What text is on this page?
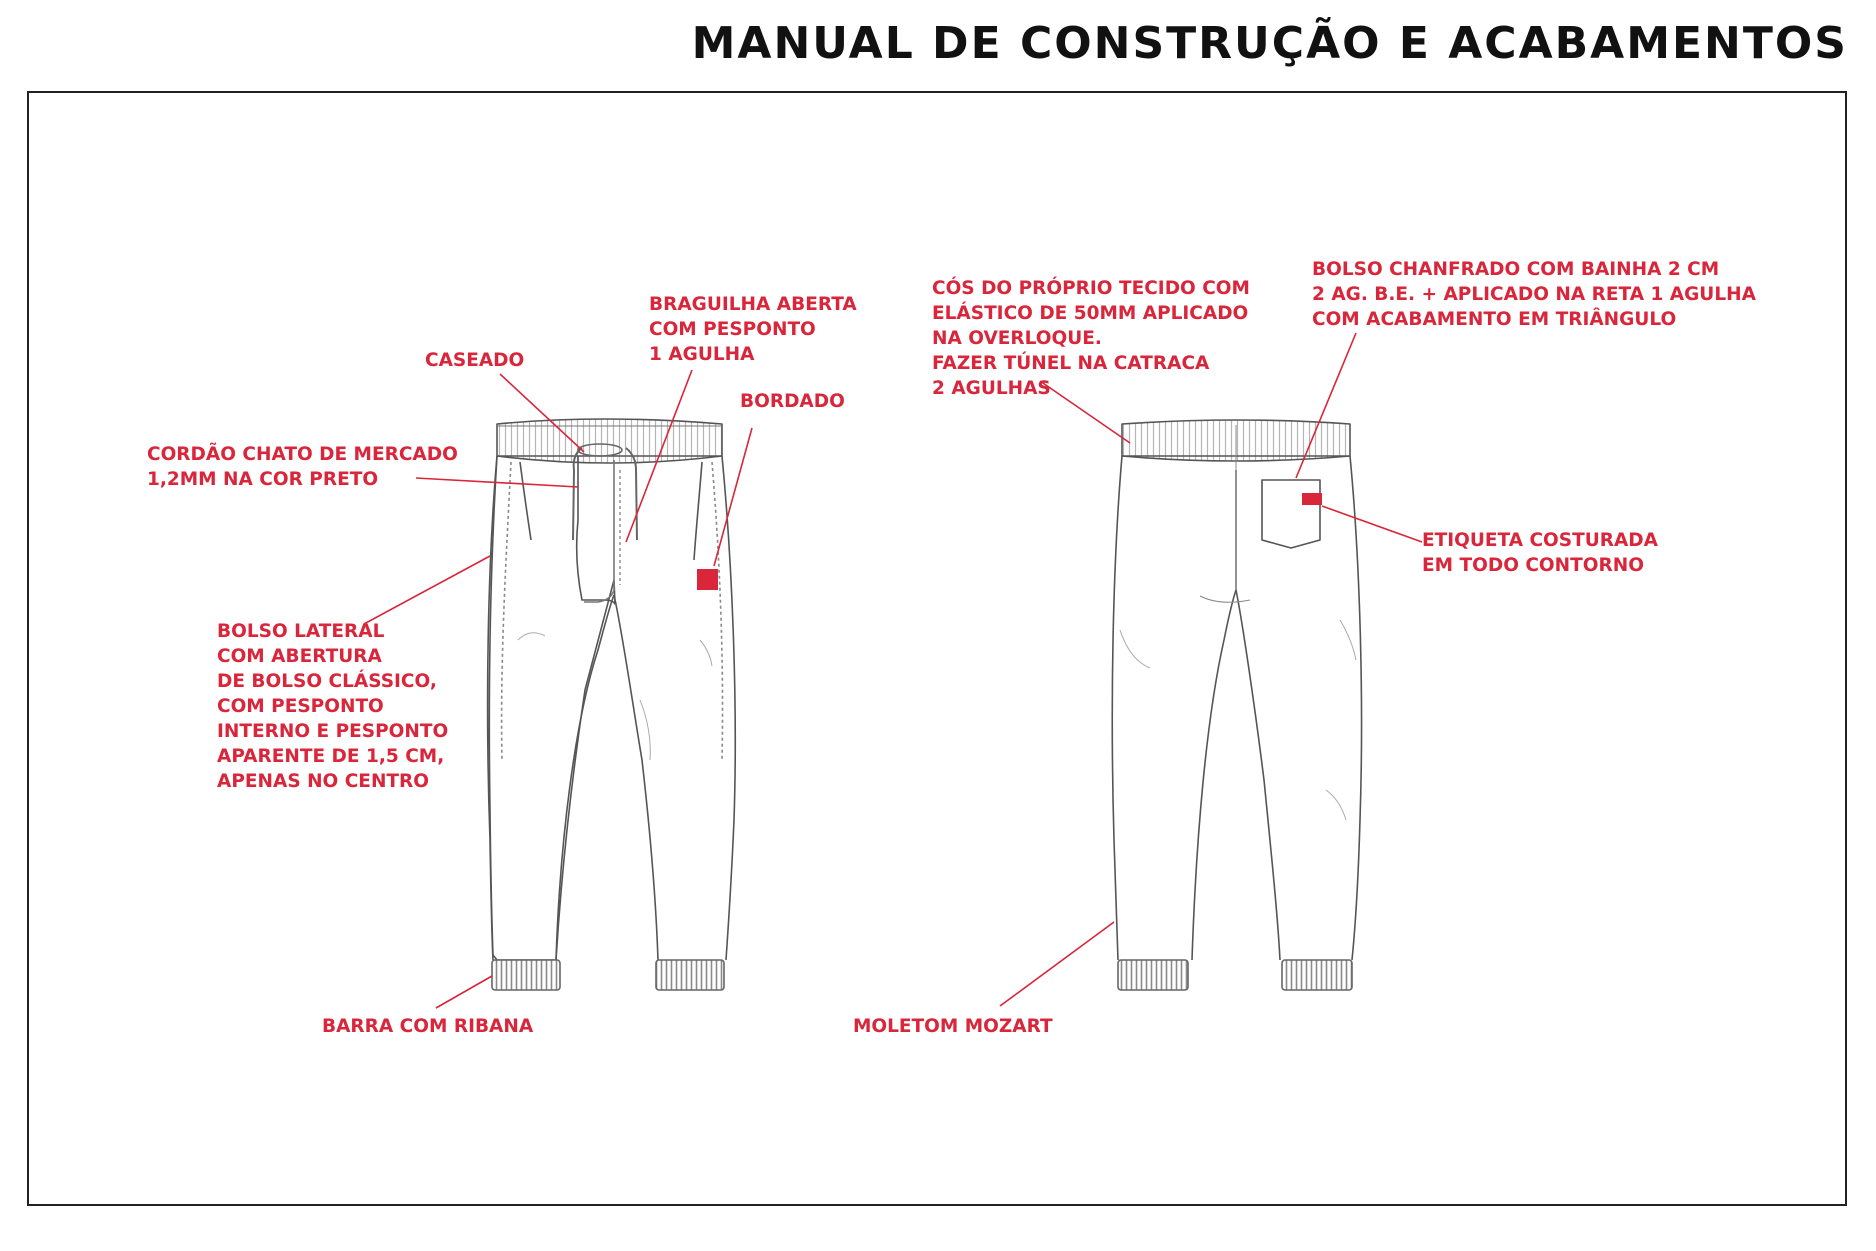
MANUAL DE CONSTRUÇÃO E ACABAMENTOS
BRAGUILHA ABERTA
COM PESPONTO
1 AGULHA
CASEADO
BORDADO
CORDÃO CHATO DE MERCADO
1,2MM NA COR PRETO
BOLSO LATERAL
COM ABERTURA
DE BOLSO CLÁSSICO,
COM PESPONTO
INTERNO E PESPONTO
APARENTE DE 1,5 CM,
APENAS NO CENTRO
BARRA COM RIBANA
CÓS DO PRÓPRIO TECIDO COM
ELÁSTICO DE 50MM APLICADO
NA OVERLOQUE.
FAZER TÚNEL NA CATRACA
2 AGULHAS
BOLSO CHANFRADO COM BAINHA 2 CM
2 AG. B.E. + APLICADO NA RETA 1 AGULHA
COM ACABAMENTO EM TRIÂNGULO
ETIQUETA COSTURADA
EM TODO CONTORNO
MOLETOM MOZART
